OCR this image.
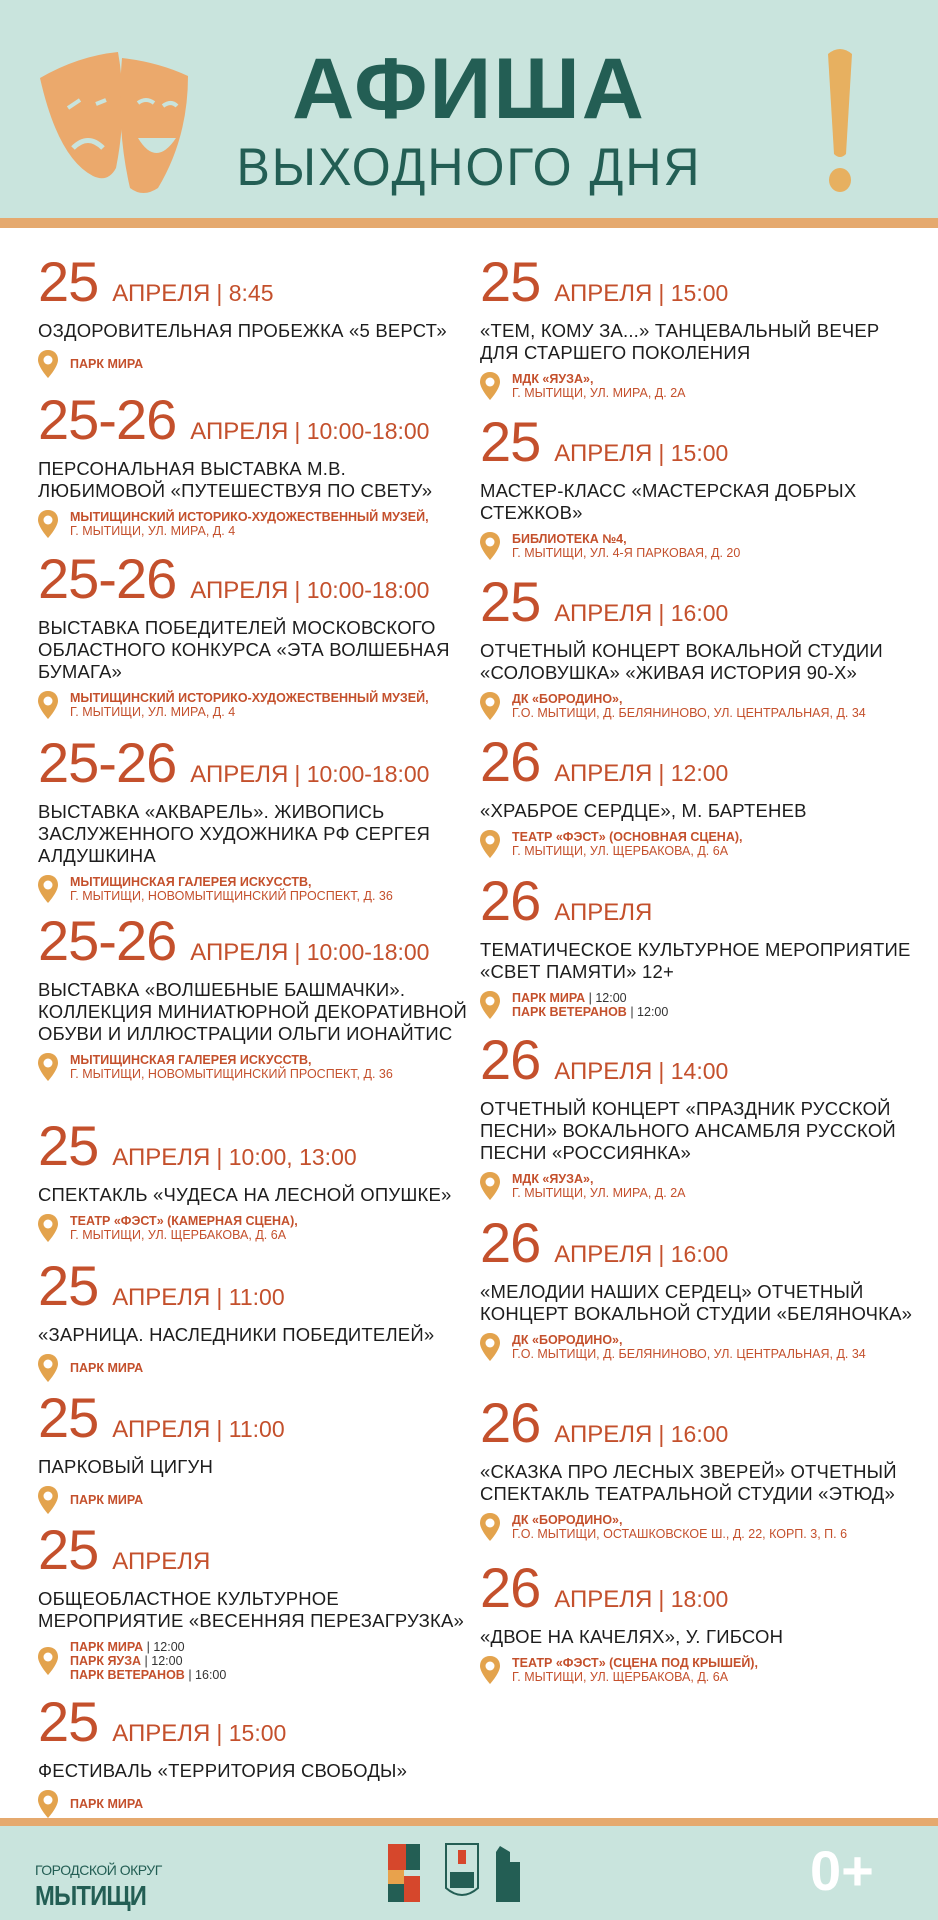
АФИША
ВЫХОДНОГО ДНЯ
25 АПРЕЛЯ | 8:45
ОЗДОРОВИТЕЛЬНАЯ ПРОБЕЖКА «5 ВЕРСТ»
ПАРК МИРА
25-26 АПРЕЛЯ | 10:00-18:00
ПЕРСОНАЛЬНАЯ ВЫСТАВКА М.В. ЛЮБИМОВОЙ «ПУТЕШЕСТВУЯ ПО СВЕТУ»
МЫТИЩИНСКИЙ ИСТОРИКО-ХУДОЖЕСТВЕННЫЙ МУЗЕЙ,
Г. МЫТИЩИ, УЛ. МИРА, Д. 4
25-26 АПРЕЛЯ | 10:00-18:00
ВЫСТАВКА ПОБЕДИТЕЛЕЙ МОСКОВСКОГО ОБЛАСТНОГО КОНКУРСА «ЭТА ВОЛШЕБНАЯ БУМАГА»
МЫТИЩИНСКИЙ ИСТОРИКО-ХУДОЖЕСТВЕННЫЙ МУЗЕЙ,
Г. МЫТИЩИ, УЛ. МИРА, Д. 4
25-26 АПРЕЛЯ | 10:00-18:00
ВЫСТАВКА «АКВАРЕЛЬ». ЖИВОПИСЬ ЗАСЛУЖЕННОГО ХУДОЖНИКА РФ СЕРГЕЯ АЛДУШКИНА
МЫТИЩИНСКАЯ ГАЛЕРЕЯ ИСКУССТВ,
Г. МЫТИЩИ, НОВОМЫТИЩИНСКИЙ ПРОСПЕКТ, Д. 36
25-26 АПРЕЛЯ | 10:00-18:00
ВЫСТАВКА «ВОЛШЕБНЫЕ БАШМАЧКИ». КОЛЛЕКЦИЯ МИНИАТЮРНОЙ ДЕКОРАТИВНОЙ ОБУВИ И ИЛЛЮСТРАЦИИ ОЛЬГИ ИОНАЙТИС
МЫТИЩИНСКАЯ ГАЛЕРЕЯ ИСКУССТВ,
Г. МЫТИЩИ, НОВОМЫТИЩИНСКИЙ ПРОСПЕКТ, Д. 36
25 АПРЕЛЯ | 10:00, 13:00
СПЕКТАКЛЬ «ЧУДЕСА НА ЛЕСНОЙ ОПУШКЕ»
ТЕАТР «ФЭСТ» (КАМЕРНАЯ СЦЕНА),
Г. МЫТИЩИ, УЛ. ЩЕРБАКОВА, Д. 6А
25 АПРЕЛЯ | 11:00
«ЗАРНИЦА. НАСЛЕДНИКИ ПОБЕДИТЕЛЕЙ»
ПАРК МИРА
25 АПРЕЛЯ | 11:00
ПАРКОВЫЙ ЦИГУН
ПАРК МИРА
25 АПРЕЛЯ
ОБЩЕОБЛАСТНОЕ КУЛЬТУРНОЕ МЕРОПРИЯТИЕ «ВЕСЕННЯЯ ПЕРЕЗАГРУЗКА»
ПАРК МИРА | 12:00
ПАРК ЯУЗА | 12:00
ПАРК ВЕТЕРАНОВ | 16:00
25 АПРЕЛЯ | 15:00
ФЕСТИВАЛЬ «ТЕРРИТОРИЯ СВОБОДЫ»
ПАРК МИРА
25 АПРЕЛЯ | 15:00
«ТЕМ, КОМУ ЗА...» ТАНЦЕВАЛЬНЫЙ ВЕЧЕР ДЛЯ СТАРШЕГО ПОКОЛЕНИЯ
МДК «ЯУЗА»,
Г. МЫТИЩИ, УЛ. МИРА, Д. 2А
25 АПРЕЛЯ | 15:00
МАСТЕР-КЛАСС «МАСТЕРСКАЯ ДОБРЫХ СТЕЖКОВ»
БИБЛИОТЕКА №4,
Г. МЫТИЩИ, УЛ. 4-Я ПАРКОВАЯ, Д. 20
25 АПРЕЛЯ | 16:00
ОТЧЕТНЫЙ КОНЦЕРТ ВОКАЛЬНОЙ СТУДИИ «СОЛОВУШКА» «ЖИВАЯ ИСТОРИЯ 90-Х»
ДК «БОРОДИНО»,
Г.О. МЫТИЩИ, Д. БЕЛЯНИНОВО, УЛ. ЦЕНТРАЛЬНАЯ, Д. 34
26 АПРЕЛЯ | 12:00
«ХРАБРОЕ СЕРДЦЕ», М. БАРТЕНЕВ
ТЕАТР «ФЭСТ» (ОСНОВНАЯ СЦЕНА),
Г. МЫТИЩИ, УЛ. ЩЕРБАКОВА, Д. 6А
26 АПРЕЛЯ
ТЕМАТИЧЕСКОЕ КУЛЬТУРНОЕ МЕРОПРИЯТИЕ «СВЕТ ПАМЯТИ» 12+
ПАРК МИРА | 12:00
ПАРК ВЕТЕРАНОВ | 12:00
26 АПРЕЛЯ | 14:00
ОТЧЕТНЫЙ КОНЦЕРТ «ПРАЗДНИК РУССКОЙ ПЕСНИ» ВОКАЛЬНОГО АНСАМБЛЯ РУССКОЙ ПЕСНИ «РОССИЯНКА»
МДК «ЯУЗА»,
Г. МЫТИЩИ, УЛ. МИРА, Д. 2А
26 АПРЕЛЯ | 16:00
«МЕЛОДИИ НАШИХ СЕРДЕЦ» ОТЧЕТНЫЙ КОНЦЕРТ ВОКАЛЬНОЙ СТУДИИ «БЕЛЯНОЧКА»
ДК «БОРОДИНО»,
Г.О. МЫТИЩИ, Д. БЕЛЯНИНОВО, УЛ. ЦЕНТРАЛЬНАЯ, Д. 34
26 АПРЕЛЯ | 16:00
«СКАЗКА ПРО ЛЕСНЫХ ЗВЕРЕЙ» ОТЧЕТНЫЙ СПЕКТАКЛЬ ТЕАТРАЛЬНОЙ СТУДИИ «ЭТЮД»
ДК «БОРОДИНО»,
Г.О. МЫТИЩИ, ОСТАШКОВСКОЕ Ш., Д. 22, КОРП. 3, П. 6
26 АПРЕЛЯ | 18:00
«ДВОЕ НА КАЧЕЛЯХ», У. ГИБСОН
ТЕАТР «ФЭСТ» (СЦЕНА ПОД КРЫШЕЙ),
Г. МЫТИЩИ, УЛ. ЩЕРБАКОВА, Д. 6А
ГОРОДСКОЙ ОКРУГ
МЫТИЩИ	0+
